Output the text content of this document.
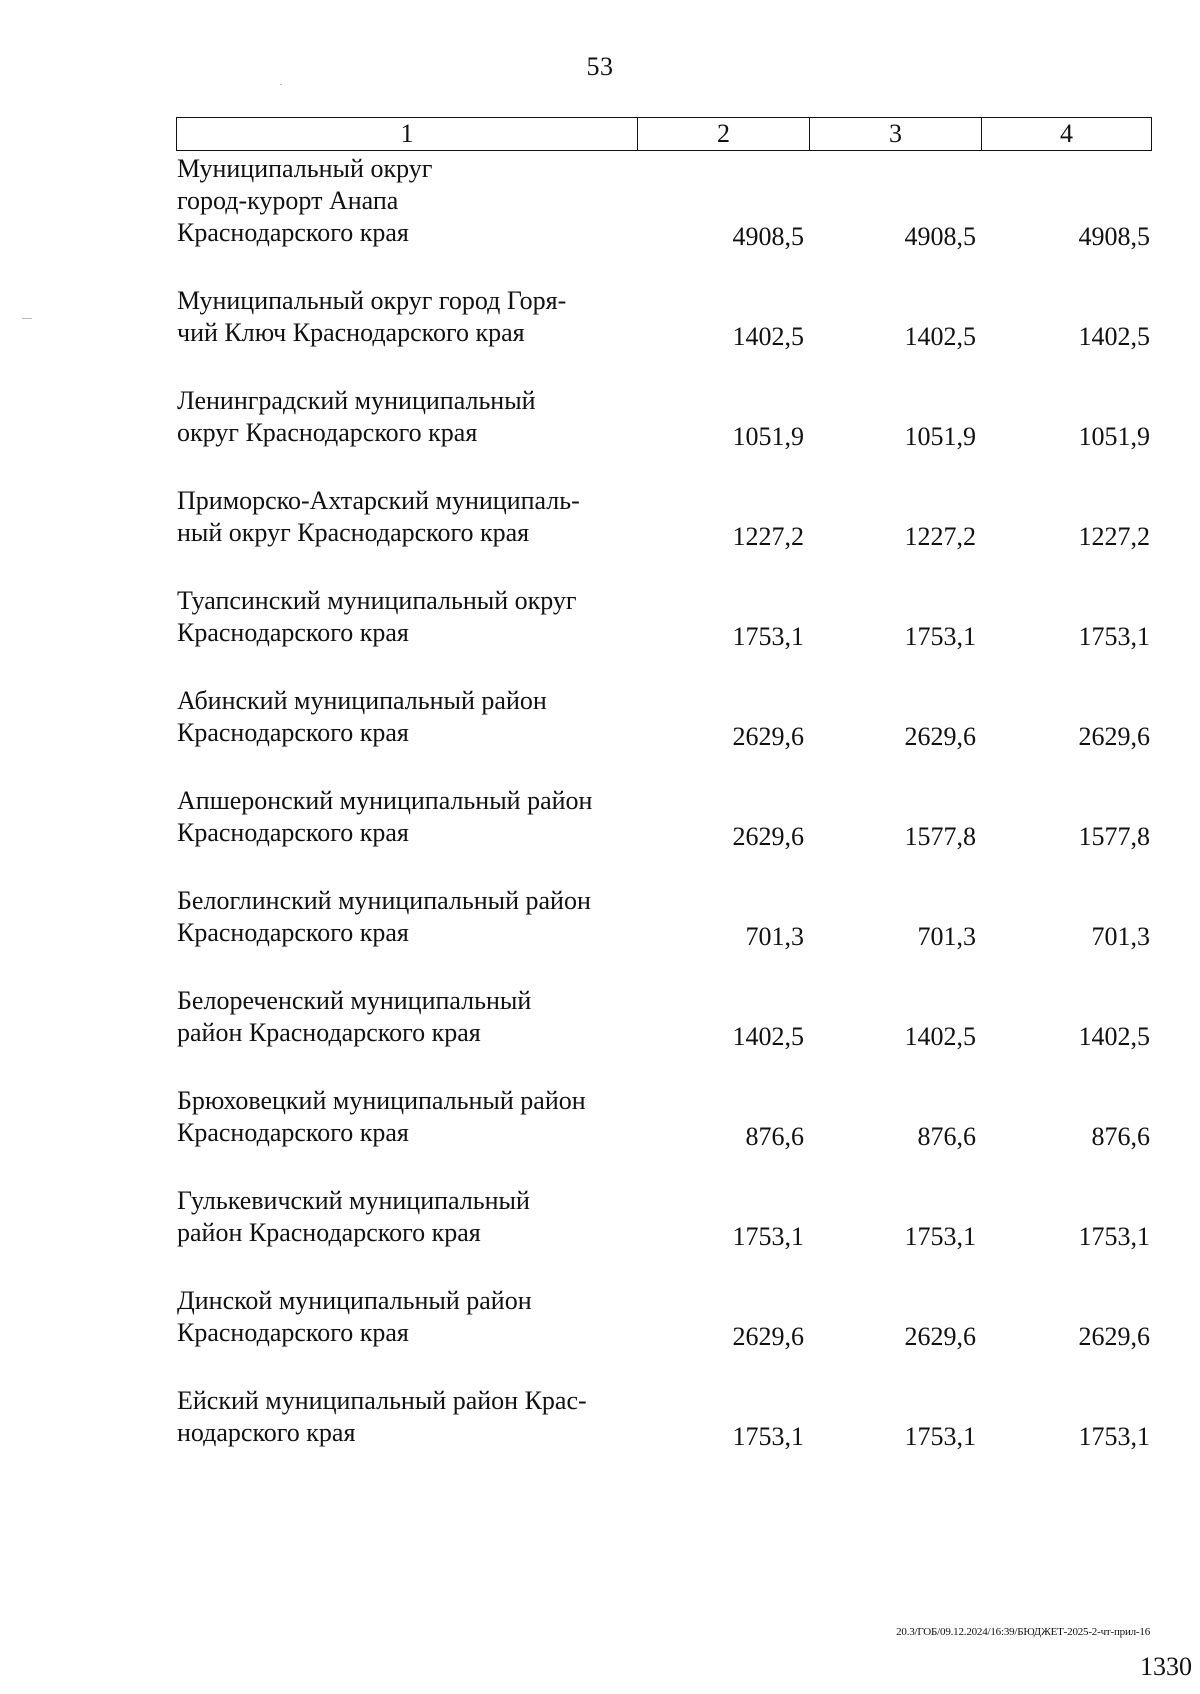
53
1	2	3	4
Муниципальный округ
город-курорт Анапа
Краснодарского края	4908,5	4908,5	4908,5
Муниципальный округ город Горя-
чий Ключ Краснодарского края	1402,5	1402,5	1402,5
Ленинградский муниципальный
округ Краснодарского края	1051,9	1051,9	1051,9
Приморско-Ахтарский муниципаль-
ный округ Краснодарского края	1227,2	1227,2	1227,2
Туапсинский муниципальный округ
Краснодарского края	1753,1	1753,1	1753,1
Абинский муниципальный район
Краснодарского края	2629,6	2629,6	2629,6
Апшеронский муниципальный район
Краснодарского края	2629,6	1577,8	1577,8
Белоглинский муниципальный район
Краснодарского края	701,3	701,3	701,3
Белореченский муниципальный
район Краснодарского края	1402,5	1402,5	1402,5
Брюховецкий муниципальный район
Краснодарского края	876,6	876,6	876,6
Гулькевичский муниципальный
район Краснодарского края	1753,1	1753,1	1753,1
Динской муниципальный район
Краснодарского края	2629,6	2629,6	2629,6
Ейский муниципальный район Крас-
нодарского края	1753,1	1753,1	1753,1
20.3/ГОБ/09.12.2024/16:39/БЮДЖЕТ-2025-2-чт-прил-16
1330
